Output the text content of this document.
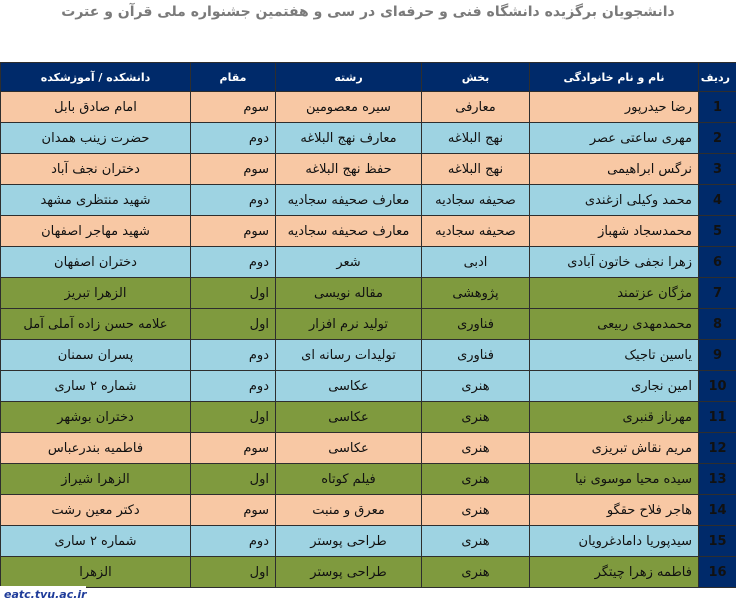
دانشجویان برگزیده دانشگاه فنی و حرفه‌ای در سی و هفتمین جشنواره ملی قرآن و عترت
ردیف	نام و نام خانوادگی	بخش	رشته	مقام	دانشکده / آموزشکده
1	رضا حیدرپور	معارفی	سیره معصومین	سوم	امام صادق بابل
2	مهری ساعتی عصر	نهج البلاغه	معارف نهج البلاغه	دوم	حضرت زینب همدان
3	نرگس ابراهیمی	نهج البلاغه	حفظ نهج البلاغه	سوم	دختران نجف آباد
4	محمد وکیلی ازغندی	صحیفه سجادیه	معارف صحیفه سجادیه	دوم	شهید منتظری مشهد
5	محمدسجاد شهباز	صحیفه سجادیه	معارف صحیفه سجادیه	سوم	شهید مهاجر اصفهان
6	زهرا نجفی خاتون آبادی	ادبی	شعر	دوم	دختران اصفهان
7	مژگان عزتمند	پژوهشی	مقاله نویسی	اول	الزهرا تبریز
8	محمدمهدی ربیعی	فناوری	تولید نرم افزار	اول	علامه حسن زاده آملی آمل
9	یاسین تاجیک	فناوری	تولیدات رسانه ای	دوم	پسران سمنان
10	امین نجاری	هنری	عکاسی	دوم	شماره ۲ ساری
11	مهرناز قنبری	هنری	عکاسی	اول	دختران بوشهر
12	مریم نقاش تبریزی	هنری	عکاسی	سوم	فاطمیه بندرعباس
13	سیده محیا موسوی نیا	هنری	فیلم کوتاه	اول	الزهرا شیراز
14	هاجر فلاح حقگو	هنری	معرق و منبت	سوم	دکتر معین رشت
15	سیدپوریا دامادغرویان	هنری	طراحی پوستر	دوم	شماره ۲ ساری
16	فاطمه زهرا چیتگر	هنری	طراحی پوستر	اول	الزهرا
eatc.tvu.ac.ir
